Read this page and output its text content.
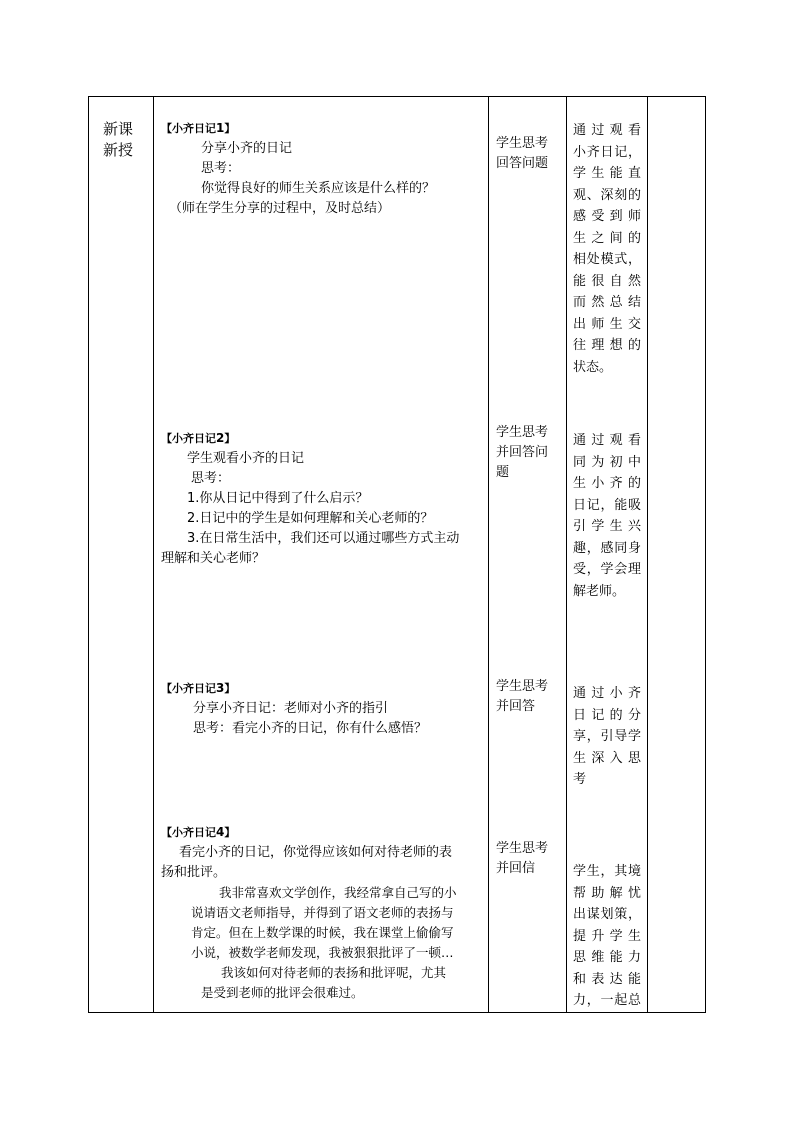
新课
新授
【小齐日记1】
分享小齐的日记
思考：
你觉得良好的师生关系应该是什么样的？
（师在学生分享的过程中，及时总结）
学生思考
回答问题
通过观看
小齐日记，
学生能直
观、深刻的
感受到师
生之间的
相处模式，
能很自然
而然总结
出师生交
往理想的
状态。
【小齐日记2】
学生观看小齐的日记
思考：
1.你从日记中得到了什么启示？
2.日记中的学生是如何理解和关心老师的？
3.在日常生活中，我们还可以通过哪些方式主动
理解和关心老师？
学生思考
并回答问
题
通过观看
同为初中
生小齐的
日记，能吸
引学生兴
趣，感同身
受，学会理
解老师。
【小齐日记3】
分享小齐日记：老师对小齐的指引
思考：看完小齐的日记，你有什么感悟？
学生思考
并回答
通过小齐
日记的分
享，引导学
生深入思
考
【小齐日记4】
看完小齐的日记，你觉得应该如何对待老师的表
扬和批评。
我非常喜欢文学创作，我经常拿自己写的小
说请语文老师指导，并得到了语文老师的表扬与
肯定。但在上数学课的时候，我在课堂上偷偷写
小说，被数学老师发现，我被狠狠批评了一顿…
我该如何对待老师的表扬和批评呢，尤其
是受到老师的批评会很难过。
学生思考
并回信	学生，其境
帮助解忧
出谋划策，
提升学生
思维能力
和表达能
力，一起总
